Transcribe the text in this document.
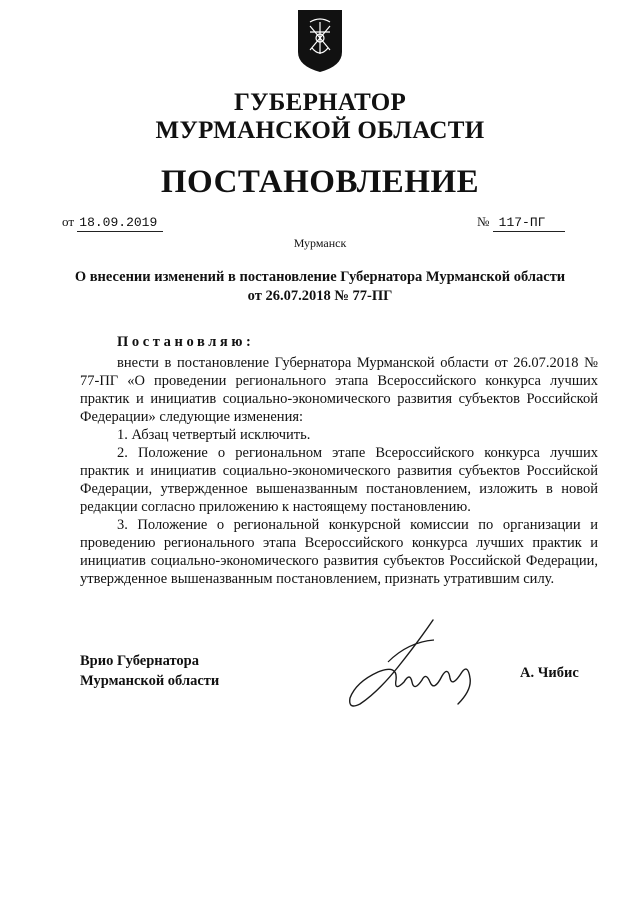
ГУБЕРНАТОР
МУРМАНСКОЙ ОБЛАСТИ
ПОСТАНОВЛЕНИЕ
от 18.09.2019	№ 117-ПГ
Мурманск
О внесении изменений в постановление Губернатора Мурманской области
от 26.07.2018 № 77-ПГ
Постановляю:

внести в постановление Губернатора Мурманской области от 26.07.2018 № 77-ПГ «О проведении регионального этапа Всероссийского конкурса лучших практик и инициатив социально-экономического развития субъектов Российской Федерации» следующие изменения:

1. Абзац четвертый исключить.

2. Положение о региональном этапе Всероссийского конкурса лучших практик и инициатив социально-экономического развития субъектов Российской Федерации, утвержденное вышеназванным постановлением, изложить в новой редакции согласно приложению к настоящему постановлению.

3. Положение о региональной конкурсной комиссии по организации и проведению регионального этапа Всероссийского конкурса лучших практик и инициатив социально-экономического развития субъектов Российской Федерации, утвержденное вышеназванным постановлением, признать утратившим силу.

Врио Губернатора
Мурманской области	А. Чибис
